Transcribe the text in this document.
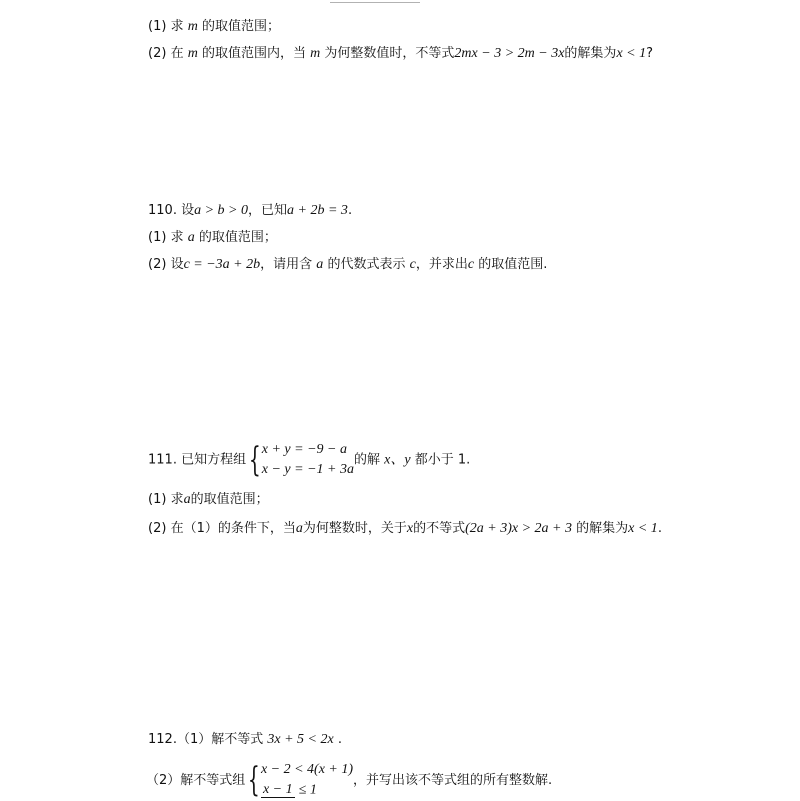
(1) 求 m 的取值范围；
(2) 在 m 的取值范围内，当 m 为何整数值时，不等式2mx − 3 > 2m − 3x的解集为x < 1?
110. 设a > b > 0，已知a + 2b = 3.
(1) 求 a 的取值范围；
(2) 设c = −3a + 2b，请用含 a 的代数式表示 c，并求出c 的取值范围.
111. 已知方程组{ x + y = −9 − a
x − y = −1 + 3a
的解 x、y 都小于 1.
(1) 求a的取值范围；
(2) 在（1）的条件下，当a为何整数时，关于x的不等式(2a + 3)x > 2a + 3 的解集为x < 1.
112.（1）解不等式 3x + 5 < 2x .
（2）解不等式组{ x − 2 < 4(x + 1)
x − 1 ≤ 1
，并写出该不等式组的所有整数解.
